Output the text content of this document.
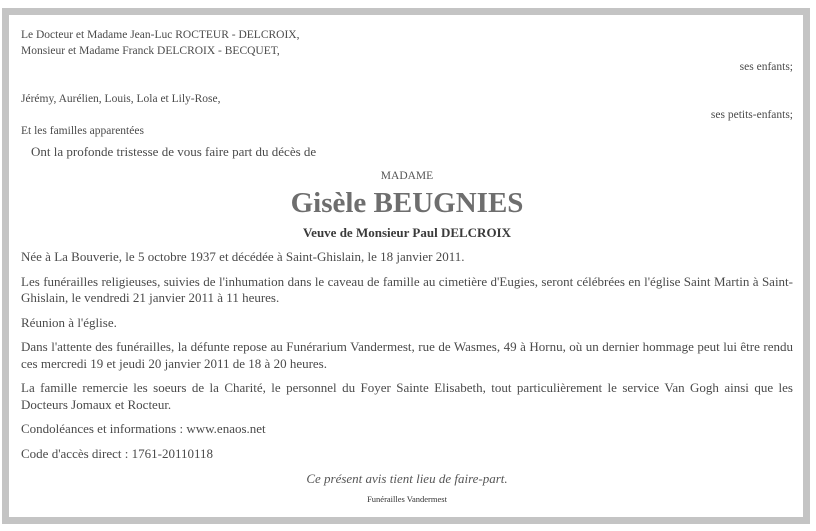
Le Docteur et Madame Jean-Luc ROCTEUR - DELCROIX,
Monsieur et Madame Franck DELCROIX - BECQUET,
ses enfants;
Jérémy, Aurélien, Louis, Lola et Lily-Rose,
ses petits-enfants;
Et les familles apparentées
Ont la profonde tristesse de vous faire part du décès de
MADAME
Gisèle BEUGNIES
Veuve de Monsieur Paul DELCROIX
Née à La Bouverie, le 5 octobre 1937 et décédée à Saint-Ghislain, le 18 janvier 2011.
Les funérailles religieuses, suivies de l'inhumation dans le caveau de famille au cimetière d'Eugies, seront célébrées en l'église Saint Martin à Saint-Ghislain, le vendredi 21 janvier 2011 à 11 heures.
Réunion à l'église.
Dans l'attente des funérailles, la défunte repose au Funérarium Vandermest, rue de Wasmes, 49 à Hornu, où un dernier hommage peut lui être rendu ces mercredi 19 et jeudi 20 janvier 2011 de 18 à 20 heures.
La famille remercie les soeurs de la Charité, le personnel du Foyer Sainte Elisabeth, tout particulièrement le service Van Gogh ainsi que les Docteurs Jomaux et Rocteur.
Condoléances et informations : www.enaos.net
Code d'accès direct : 1761-20110118
Ce présent avis tient lieu de faire-part.
Funérailles Vandermest
